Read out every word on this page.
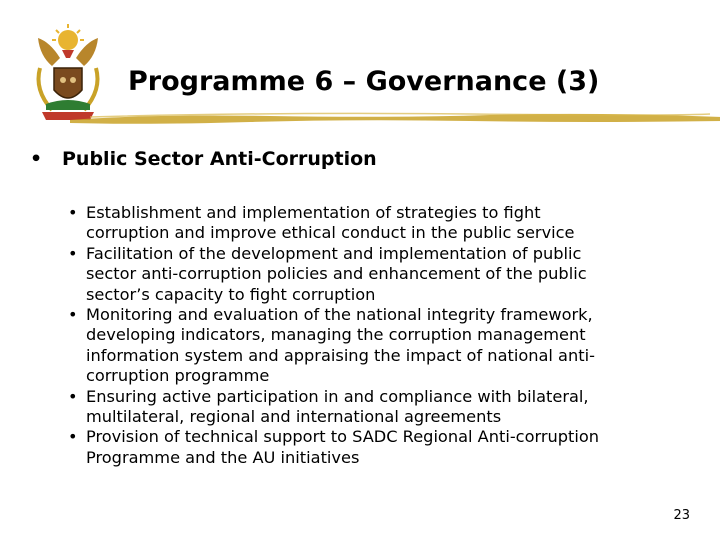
Programme 6 – Governance (3)
• Public Sector Anti-Corruption
• Establishment and implementation of strategies to fight
corruption and improve ethical conduct in the public service
• Facilitation of the development and implementation of public
sector anti-corruption policies and enhancement of the public
sector’s capacity to fight corruption
• Monitoring and evaluation of the national integrity framework,
developing indicators, managing the corruption management
information system and appraising the impact of national anti-
corruption programme
• Ensuring active participation in and compliance with bilateral,
multilateral, regional and international agreements
• Provision of technical support to SADC Regional Anti-corruption
Programme and the AU initiatives
23
